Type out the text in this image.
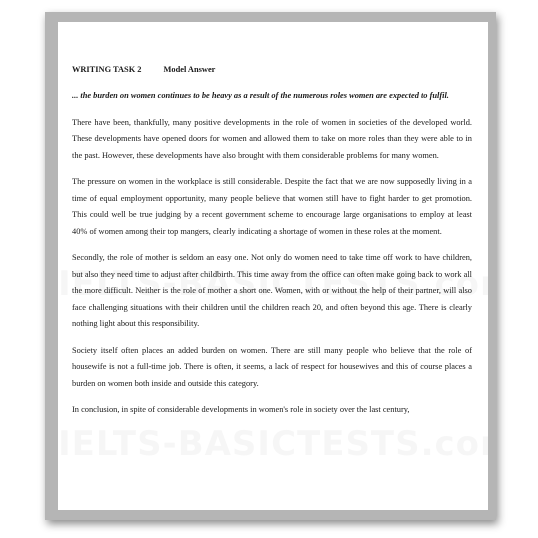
WRITING TASK 2	Model Answer

... the burden on women continues to be heavy as a result of the numerous roles women are expected to fulfil.

There have been, thankfully, many positive developments in the role of women in societies of the developed world. These developments have opened doors for women and allowed them to take on more roles than they were able to in the past. However, these developments have also brought with them considerable problems for many women.

The pressure on women in the workplace is still considerable. Despite the fact that we are now supposedly living in a time of equal employment opportunity, many people believe that women still have to fight harder to get promotion. This could well be true judging by a recent government scheme to encourage large organisations to employ at least 40% of women among their top mangers, clearly indicating a shortage of women in these roles at the moment.

Secondly, the role of mother is seldom an easy one. Not only do women need to take time off work to have children, but also they need time to adjust after childbirth. This time away from the office can often make going back to work all the more difficult. Neither is the role of mother a short one. Women, with or without the help of their partner, will also face challenging situations with their children until the children reach 20, and often beyond this age. There is clearly nothing light about this responsibility.

Society itself often places an added burden on women. There are still many people who believe that the role of housewife is not a full-time job. There is often, it seems, a lack of respect for housewives and this of course places a burden on women both inside and outside this category.

In conclusion, in spite of considerable developments in women's role in society over the last century,
